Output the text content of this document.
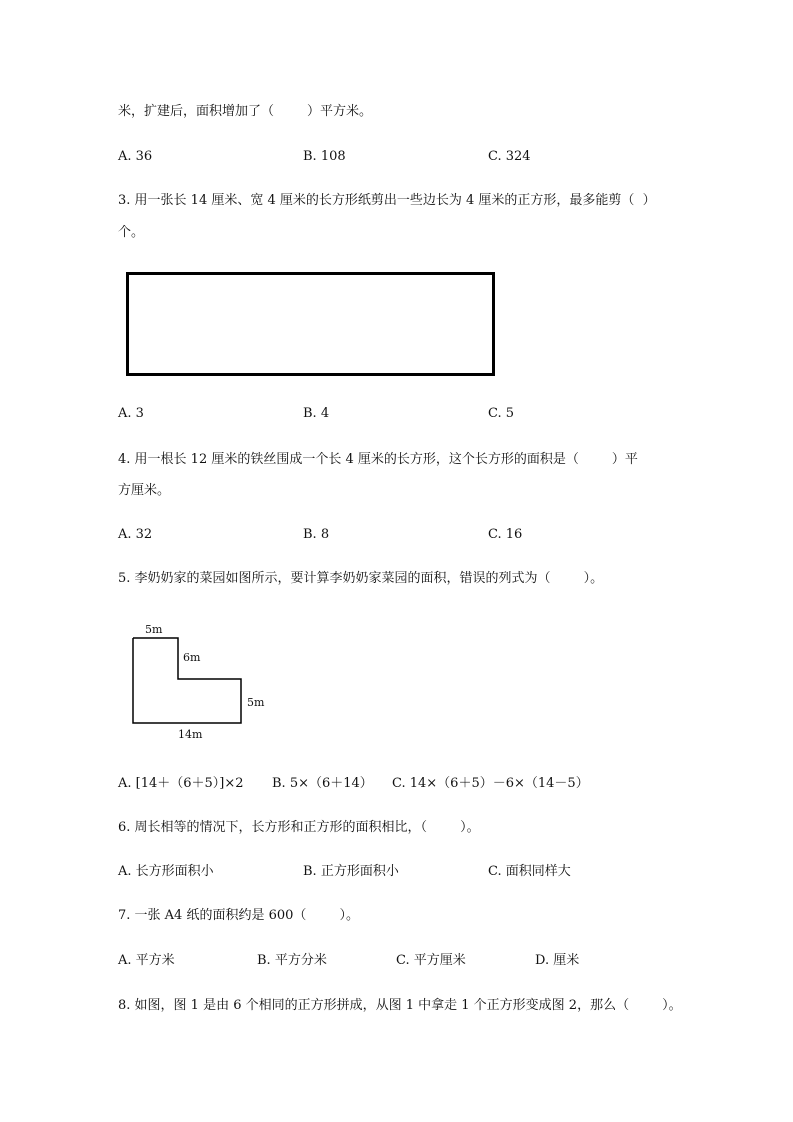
米，扩建后，面积增加了（        ）平方米。
A. 36	B. 108	C. 324
3. 用一张长 14 厘米、宽 4 厘米的长方形纸剪出一些边长为 4 厘米的正方形，最多能剪（  ）
个。
A. 3	B. 4	C. 5
4. 用一根长 12 厘米的铁丝围成一个长 4 厘米的长方形，这个长方形的面积是（        ）平
方厘米。
A. 32	B. 8	C. 16
5. 李奶奶家的菜园如图所示，要计算李奶奶家菜园的面积，错误的列式为（        ）。
5m
6m
5m
14m
A. [14＋（6＋5）]×2 B. 5×（6＋14） C. 14×（6＋5）－6×（14－5）
6. 周长相等的情况下，长方形和正方形的面积相比，（        ）。
A. 长方形面积小	B. 正方形面积小	C. 面积同样大
7. 一张 A4 纸的面积约是 600（        ）。
A. 平方米	B. 平方分米	C. 平方厘米	D. 厘米
8. 如图，图 1 是由 6 个相同的正方形拼成，从图 1 中拿走 1 个正方形变成图 2，那么（        ）。
